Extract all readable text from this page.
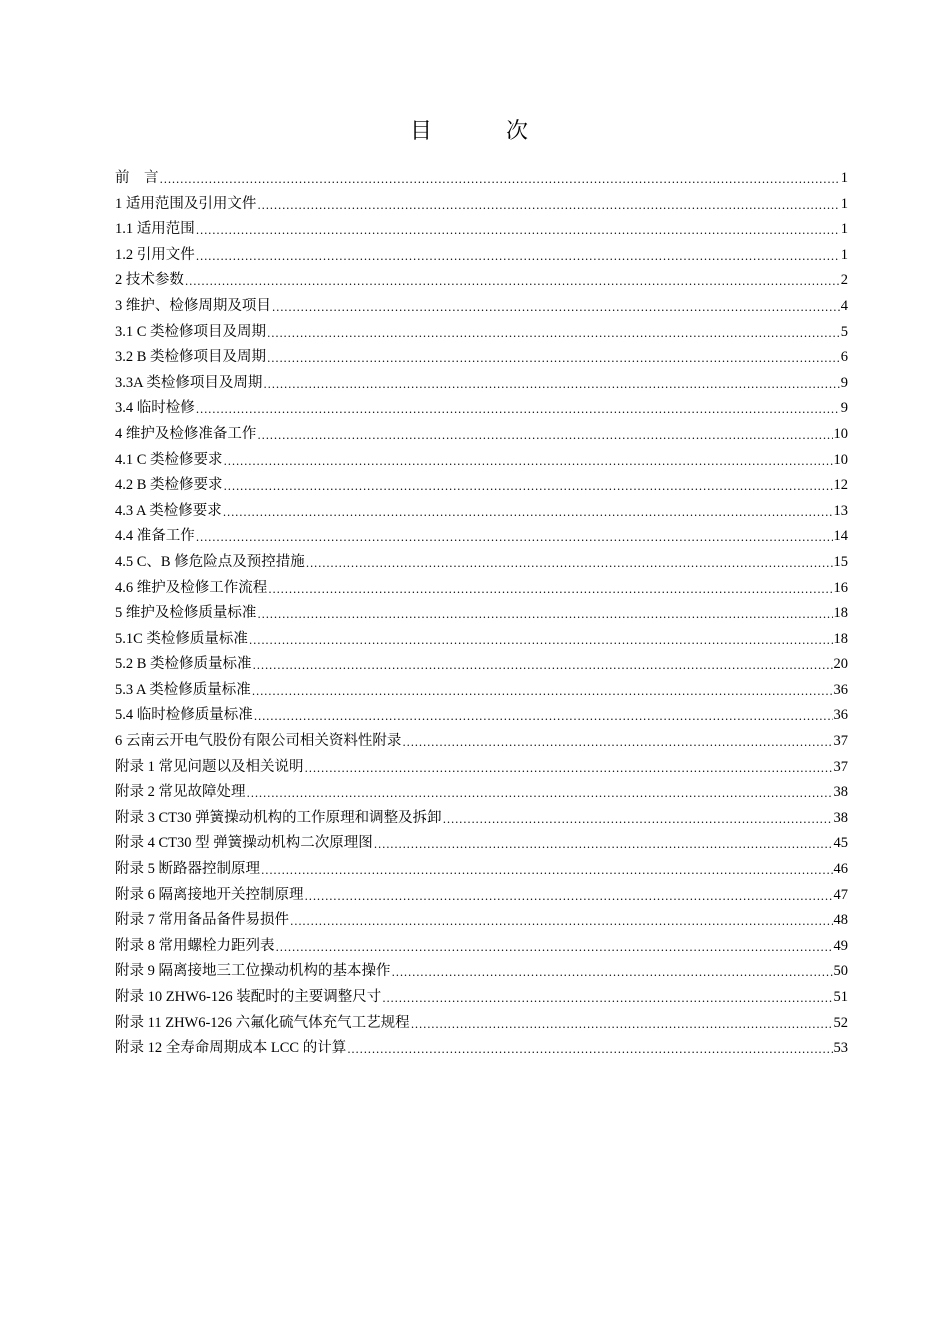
目　次
前　言 .....	1
1 适用范围及引用文件 .....	1
1.1 适用范围 .....	1
1.2 引用文件 .....	1
2 技术参数 .....	2
3 维护、检修周期及项目 .....	4
3.1 C 类检修项目及周期 .....	5
3.2 B 类检修项目及周期 .....	6
3.3A 类检修项目及周期 .....	9
3.4 临时检修 .....	9
4 维护及检修准备工作 .....	10
4.1 C 类检修要求 .....	10
4.2 B 类检修要求 .....	12
4.3 A 类检修要求 .....	13
4.4 准备工作 .....	14
4.5 C、B 修危险点及预控措施 .....	15
4.6 维护及检修工作流程 .....	16
5 维护及检修质量标准 .....	18
5.1C 类检修质量标准 .....	18
5.2 B 类检修质量标准 .....	20
5.3 A 类检修质量标准 .....	36
5.4 临时检修质量标准 .....	36
6 云南云开电气股份有限公司相关资料性附录 .....	37
附录 1 常见问题以及相关说明 .....	37
附录 2 常见故障处理 .....	38
附录 3 CT30 弹簧操动机构的工作原理和调整及拆卸 .....	38
附录 4 CT30 型 弹簧操动机构二次原理图 .....	45
附录 5 断路器控制原理 .....	46
附录 6 隔离接地开关控制原理 .....	47
附录 7 常用备品备件易损件 .....	48
附录 8 常用螺栓力距列表 .....	49
附录 9 隔离接地三工位操动机构的基本操作 .....	50
附录 10 ZHW6-126 装配时的主要调整尺寸 .....	51
附录 11 ZHW6-126 六氟化硫气体充气工艺规程 .....	52
附录 12 全寿命周期成本 LCC 的计算 .....	53
